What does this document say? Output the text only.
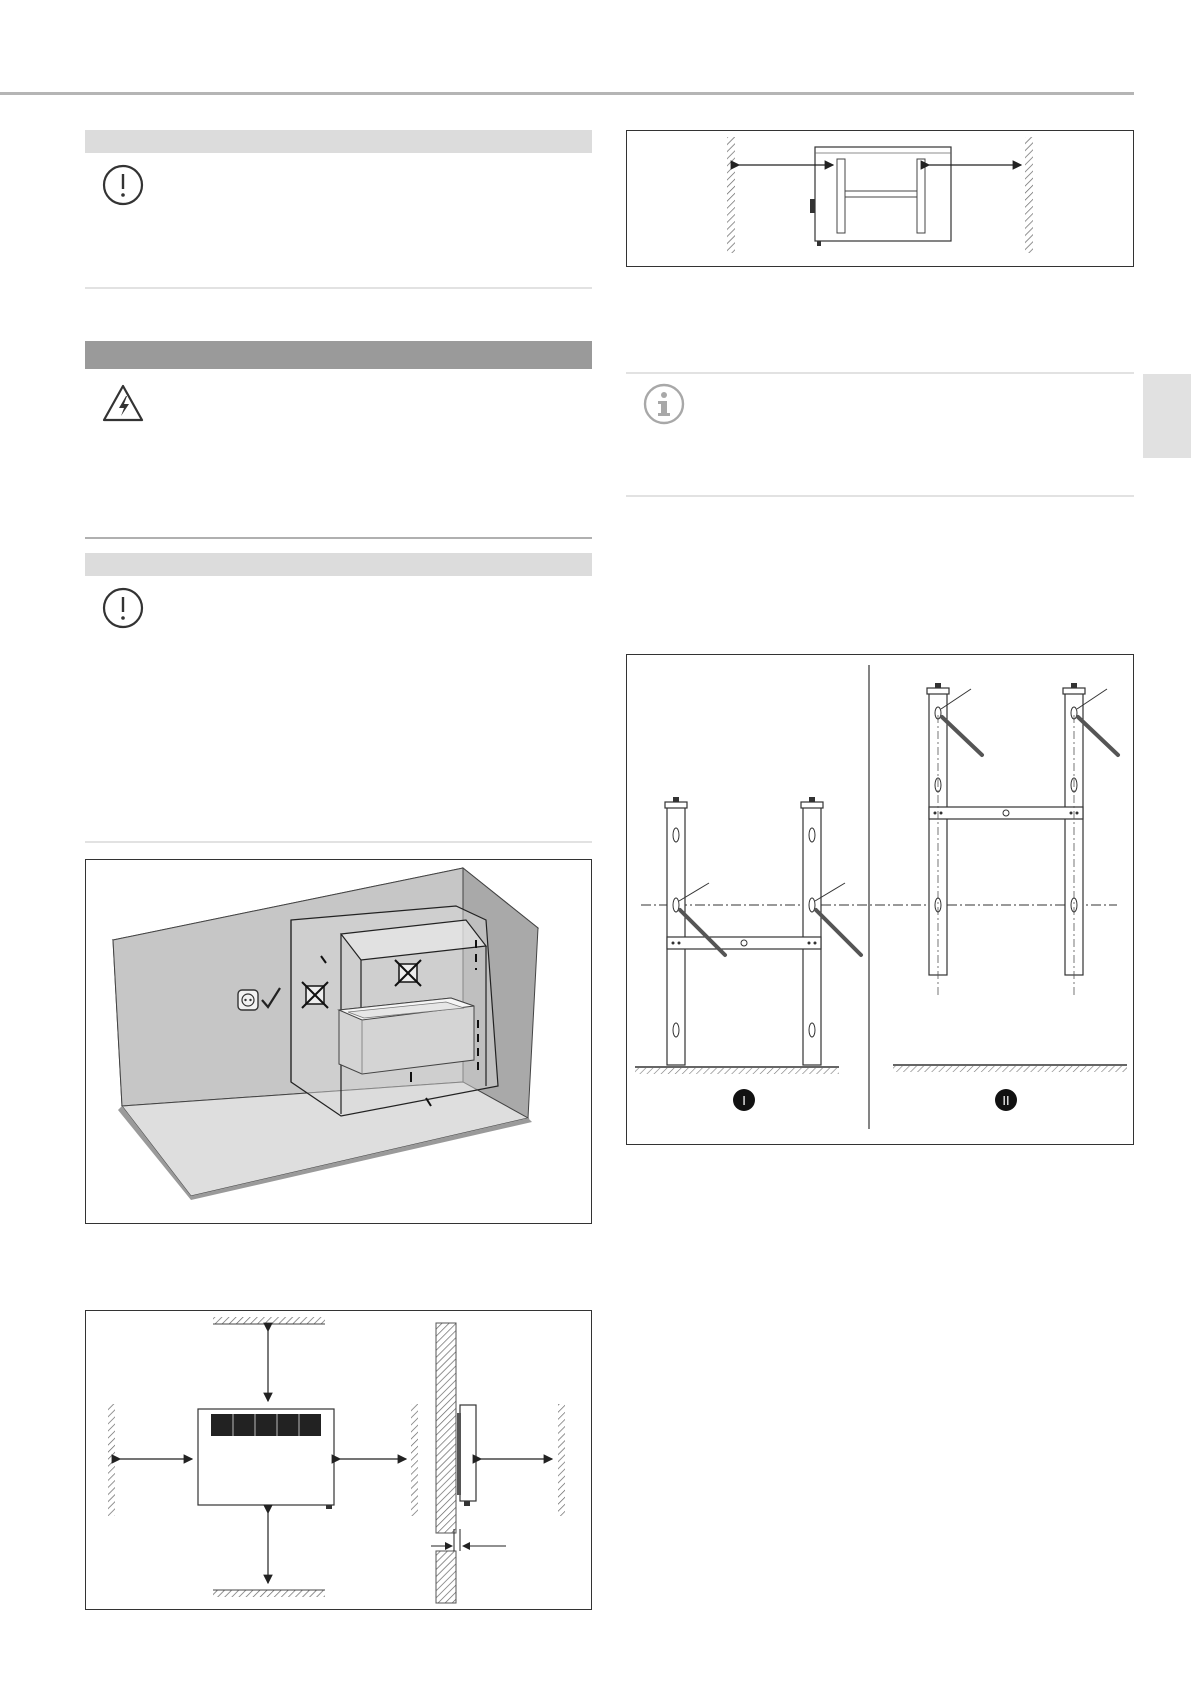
I	II
